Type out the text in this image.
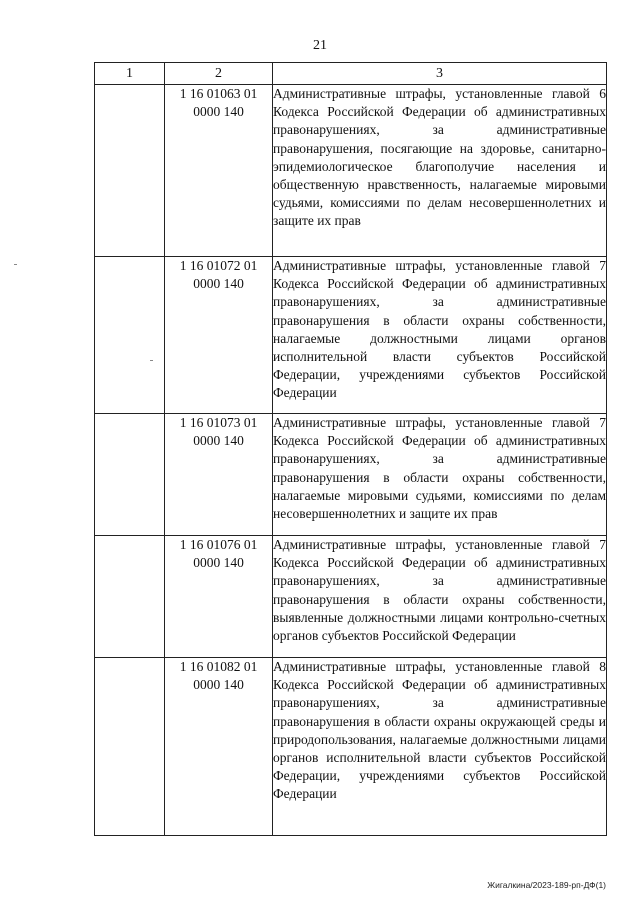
21
1	2	3
	1 16 01063 01 0000 140	Административные штрафы, установленные главой 6 Кодекса Российской Федерации об административных правонарушениях, за административные правонарушения, посягающие на здоровье, санитарно-эпидемиологическое благополучие населения и общественную нравственность, налагаемые мировыми судьями, комиссиями по делам несовершеннолетних и защите их прав
	1 16 01072 01 0000 140	Административные штрафы, установленные главой 7 Кодекса Российской Федерации об административных правонарушениях, за административные правонарушения в области охраны собственности, налагаемые должностными лицами органов исполнительной власти субъектов Российской Федерации, учреждениями субъектов Российской Федерации
	1 16 01073 01 0000 140	Административные штрафы, установленные главой 7 Кодекса Российской Федерации об административных правонарушениях, за административные правонарушения в области охраны собственности, налагаемые мировыми судьями, комиссиями по делам несовершеннолетних и защите их прав
	1 16 01076 01 0000 140	Административные штрафы, установленные главой 7 Кодекса Российской Федерации об административных правонарушениях, за административные правонарушения в области охраны собственности, выявленные должностными лицами контрольно-счетных органов субъектов Российской Федерации
	1 16 01082 01 0000 140	Административные штрафы, установленные главой 8 Кодекса Российской Федерации об административных правонарушениях, за административные правонарушения в области охраны окружающей среды и природопользования, налагаемые должностными лицами органов исполнительной власти субъектов Российской Федерации, учреждениями субъектов Российской Федерации
Жигалкина/2023-189-рп-ДФ(1)
